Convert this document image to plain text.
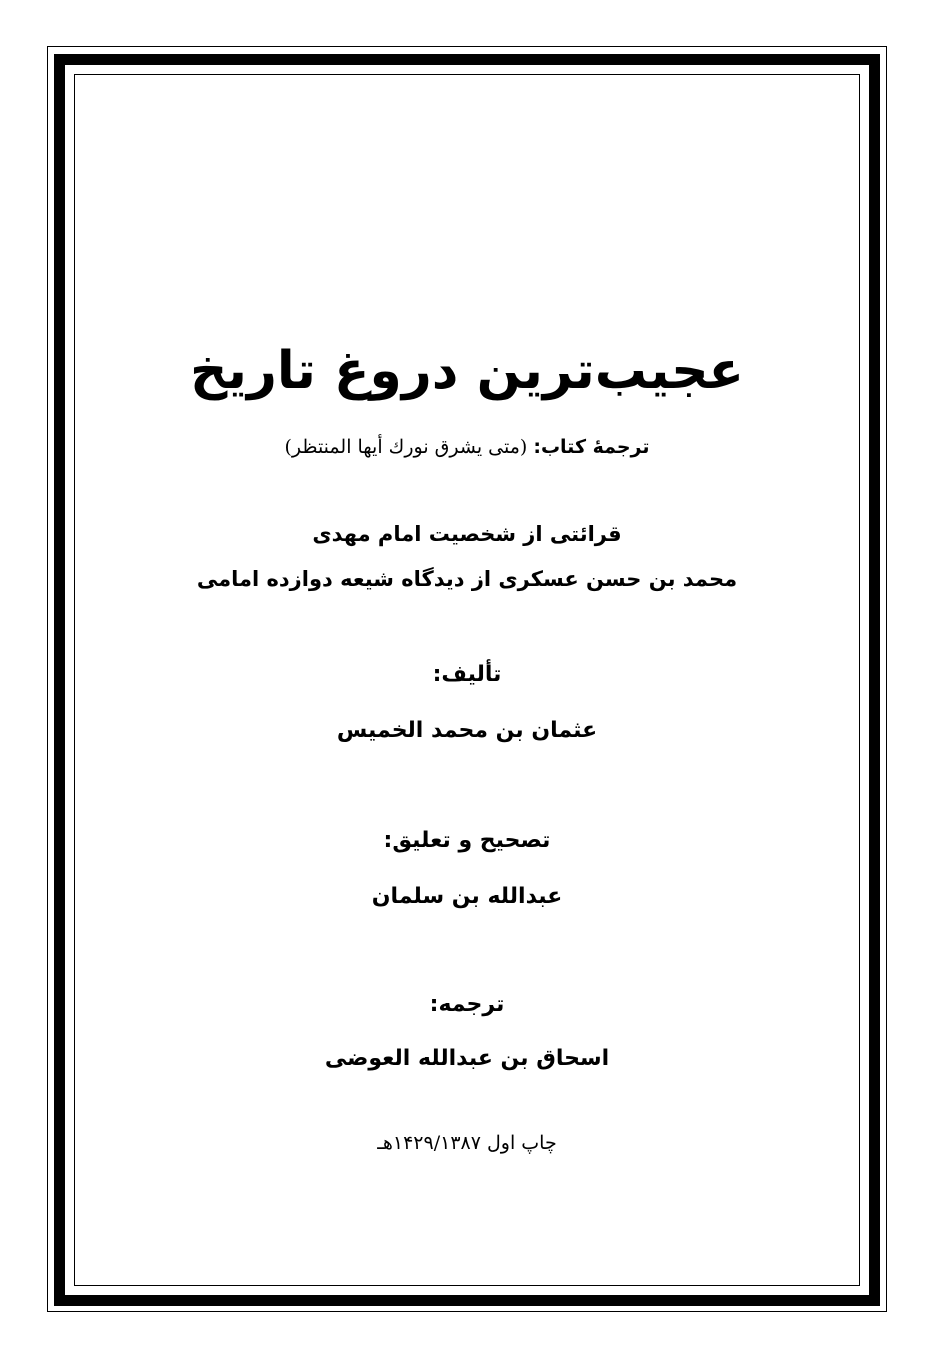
عجیب‌ترین دروغ تاریخ
ترجمۀ کتاب: (متى يشرق نورك أيها المنتظر)
قرائتی از شخصیت امام مهدی
محمد بن حسن عسکری از دیدگاه شیعه دوازده امامی
تألیف:
عثمان بن محمد الخمیس
تصحیح و تعلیق:
عبدالله بن سلمان
ترجمه:
اسحاق بن عبدالله العوضی
چاپ اول ۱۴۲۹/۱۳۸۷هـ
